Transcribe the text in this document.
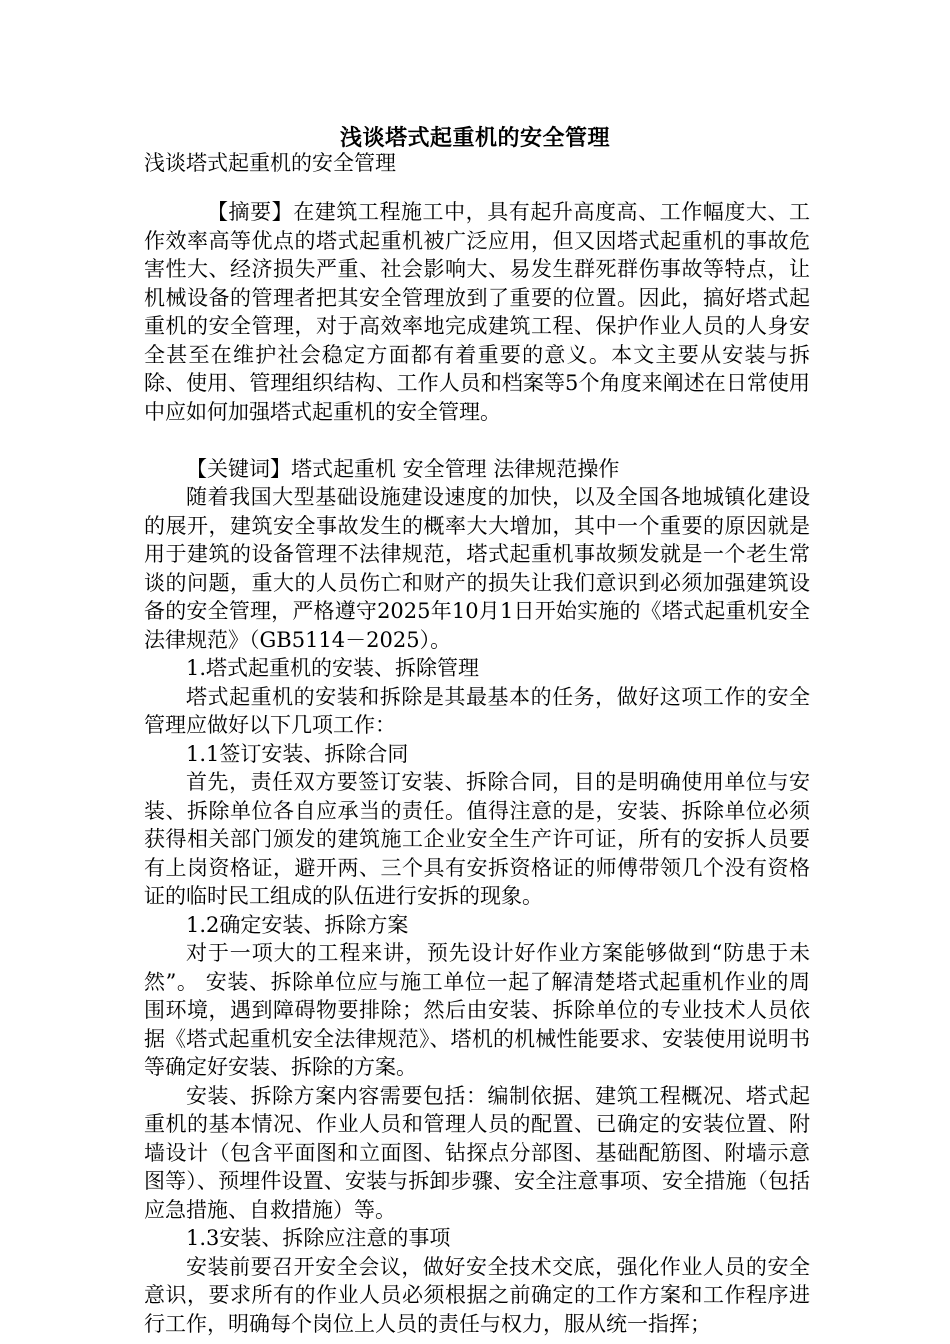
浅谈塔式起重机的安全管理
浅谈塔式起重机的安全管理

【摘要】在建筑工程施工中，具有起升高度高、工作幅度大、工作效率高等优点的塔式起重机被广泛应用，但又因塔式起重机的事故危害性大、经济损失严重、社会影响大、易发生群死群伤事故等特点，让机械设备的管理者把其安全管理放到了重要的位置。因此，搞好塔式起重机的安全管理，对于高效率地完成建筑工程、保护作业人员的人身安全甚至在维护社会稳定方面都有着重要的意义。本文主要从安装与拆除、使用、管理组织结构、工作人员和档案等5个角度来阐述在日常使用中应如何加强塔式起重机的安全管理。

【关键词】塔式起重机 安全管理 法律规范操作

随着我国大型基础设施建设速度的加快，以及全国各地城镇化建设的展开，建筑安全事故发生的概率大大增加，其中一个重要的原因就是用于建筑的设备管理不法律规范，塔式起重机事故频发就是一个老生常谈的问题，重大的人员伤亡和财产的损失让我们意识到必须加强建筑设备的安全管理，严格遵守2025年10月1日开始实施的《塔式起重机安全法律规范》（GB5114－2025）。

1.塔式起重机的安装、拆除管理

塔式起重机的安装和拆除是其最基本的任务，做好这项工作的安全管理应做好以下几项工作：

1.1签订安装、拆除合同

首先，责任双方要签订安装、拆除合同，目的是明确使用单位与安装、拆除单位各自应承当的责任。值得注意的是，安装、拆除单位必须获得相关部门颁发的建筑施工企业安全生产许可证，所有的安拆人员要有上岗资格证，避开两、三个具有安拆资格证的师傅带领几个没有资格证的临时民工组成的队伍进行安拆的现象。

1.2确定安装、拆除方案

对于一项大的工程来讲，预先设计好作业方案能够做到“防患于未然”。 安装、拆除单位应与施工单位一起了解清楚塔式起重机作业的周围环境，遇到障碍物要排除；然后由安装、拆除单位的专业技术人员依据《塔式起重机安全法律规范》、塔机的机械性能要求、安装使用说明书等确定好安装、拆除的方案。

安装、拆除方案内容需要包括：编制依据、建筑工程概况、塔式起重机的基本情况、作业人员和管理人员的配置、已确定的安装位置、附墙设计（包含平面图和立面图、钻探点分部图、基础配筋图、附墙示意图等）、预埋件设置、安装与拆卸步骤、安全注意事项、安全措施（包括应急措施、自救措施）等。

1.3安装、拆除应注意的事项

安装前要召开安全会议，做好安全技术交底，强化作业人员的安全意识，要求所有的作业人员必须根据之前确定的工作方案和工作程序进行工作，明确每个岗位上人员的责任与权力，服从统一指挥；
